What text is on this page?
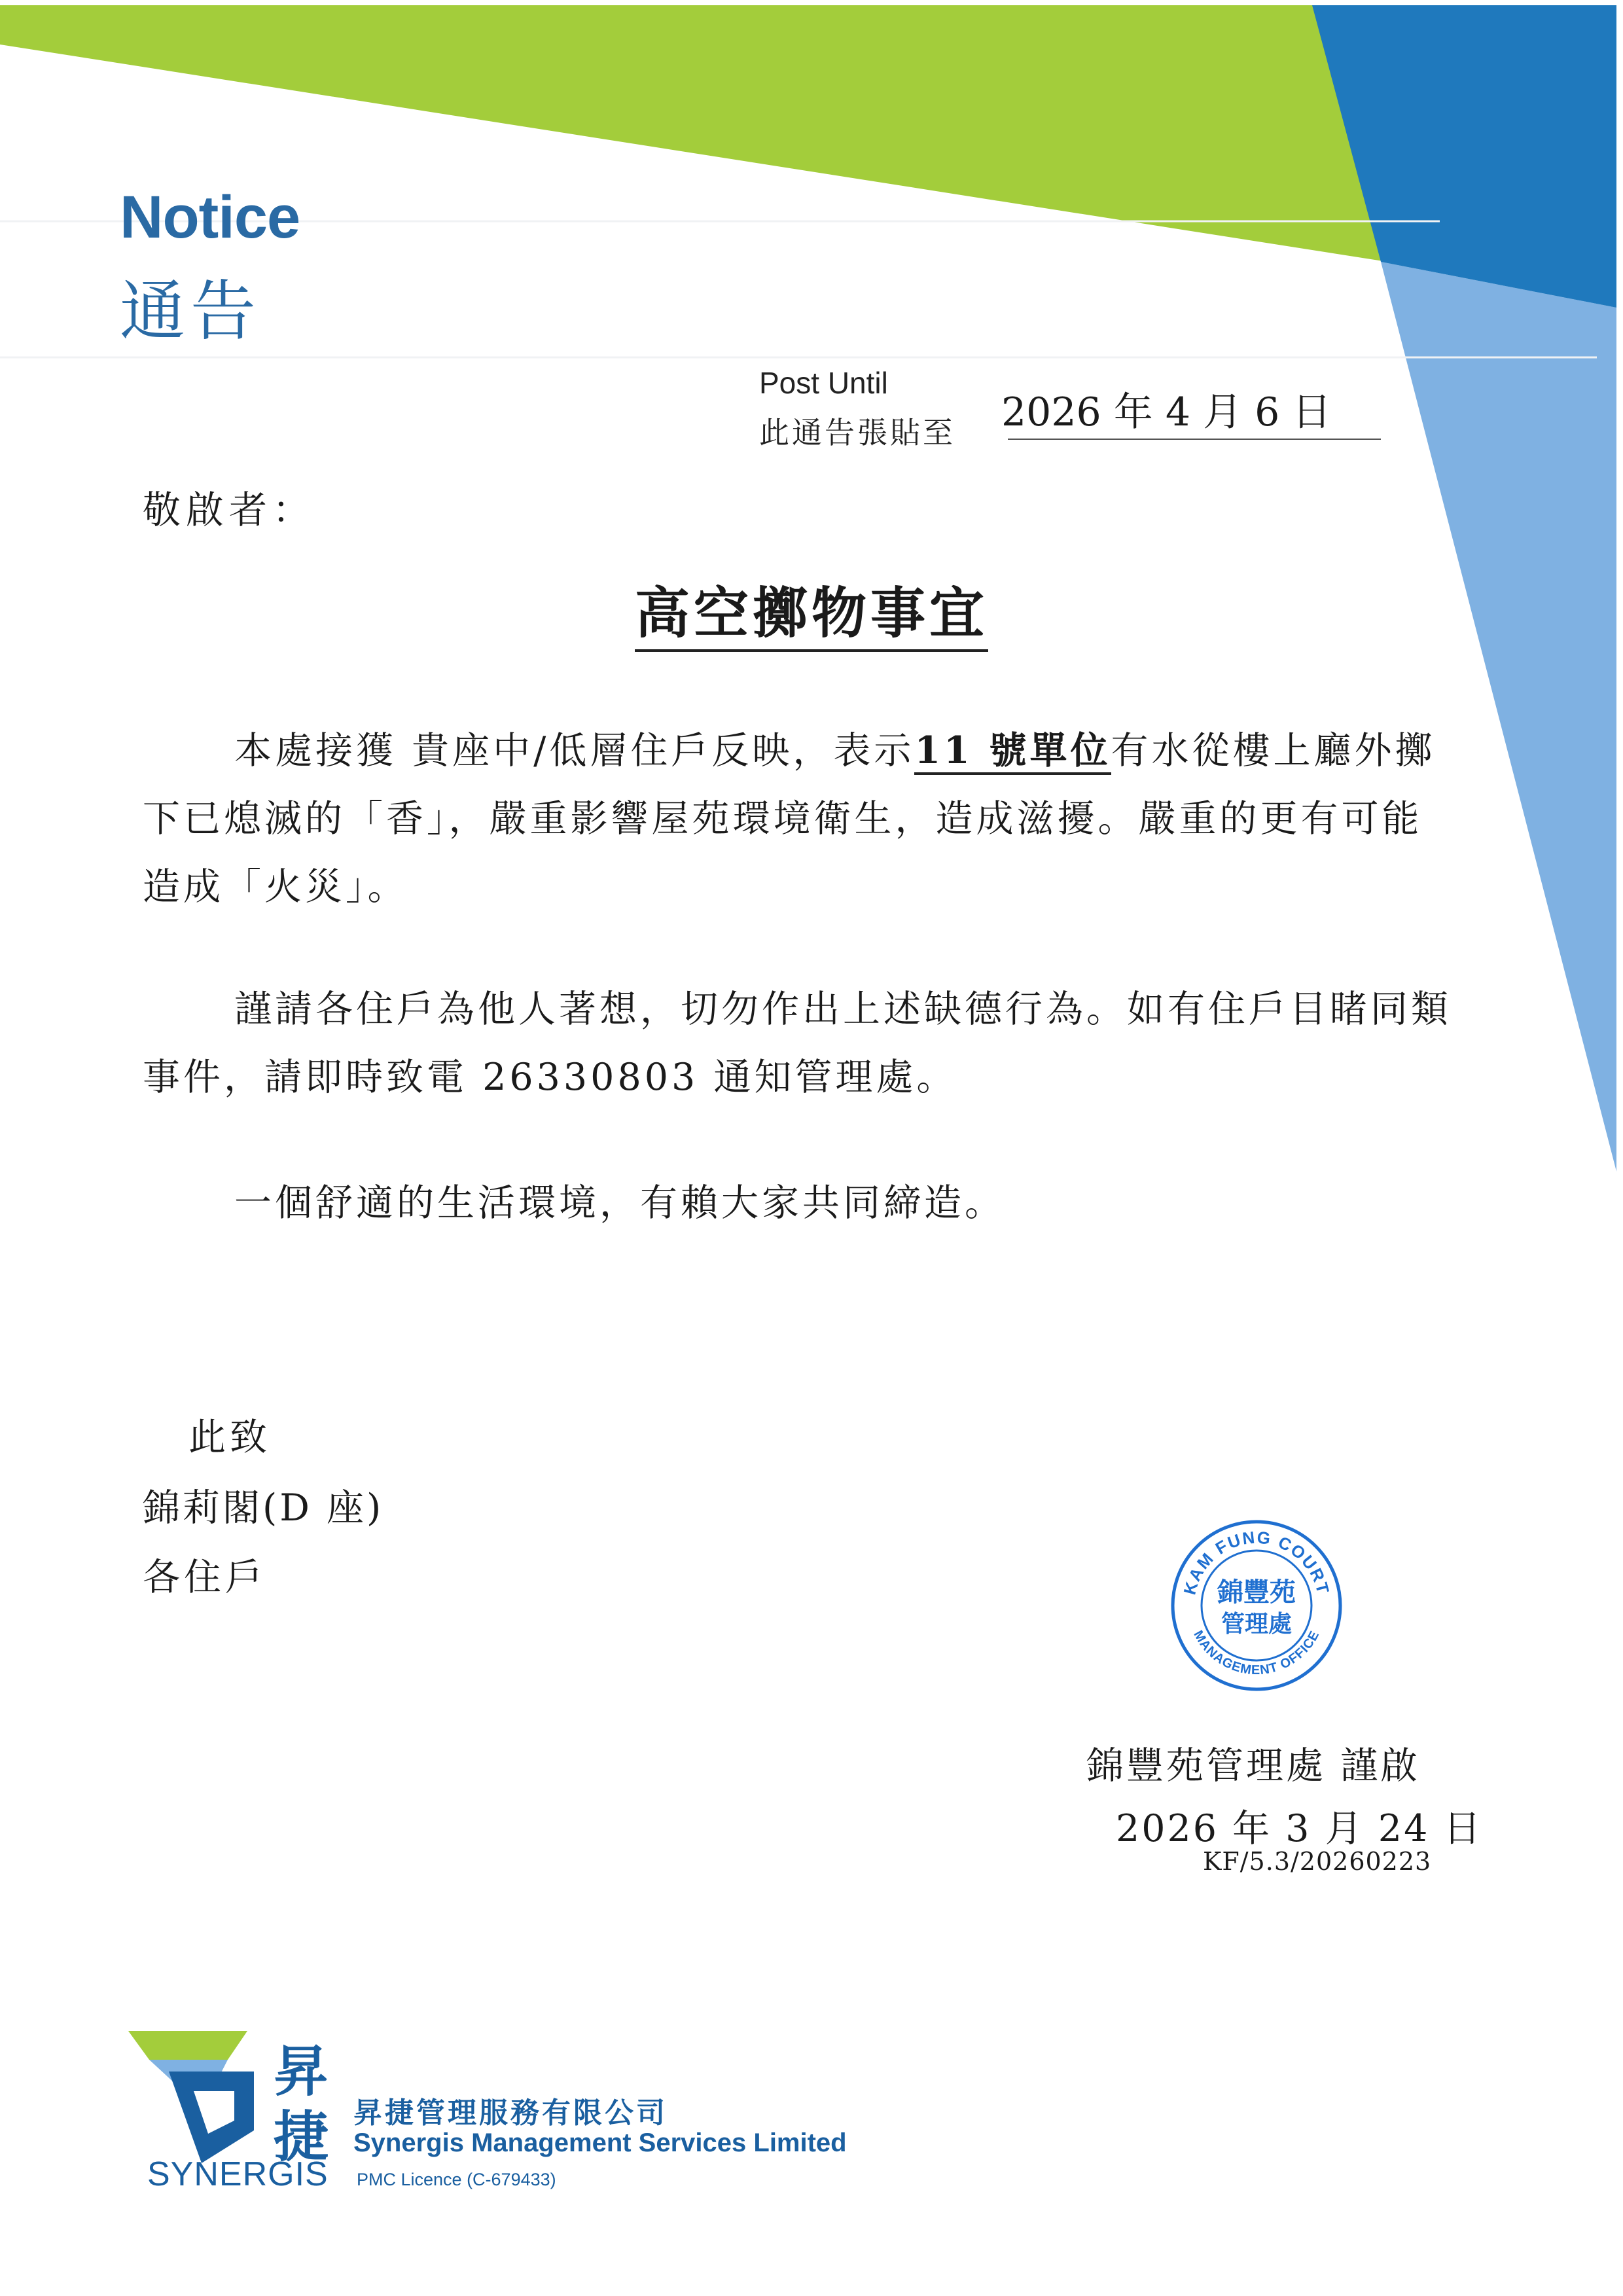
Notice
通告
Post Until
此通告張貼至 2026 年 4 月 6 日
敬啟者：
高空擲物事宜
本處接獲 貴座中/低層住戶反映，表示11 號單位有水從樓上廳外擲下已熄滅的「香」，嚴重影響屋苑環境衛生，造成滋擾。嚴重的更有可能造成「火災」。
謹請各住戶為他人著想，切勿作出上述缺德行為。如有住戶目睹同類事件，請即時致電 26330803 通知管理處。
一個舒適的生活環境，有賴大家共同締造。
此致
錦莉閣(D 座)
各住戶	KAM FUNG COURT
MANAGEMENT OFFICE
錦豐苑
管理處
錦豐苑管理處 謹啟
2026 年 3 月 24 日
KF/5.3/20260223
昇
捷
SYNERGIS
昇捷管理服務有限公司
Synergis Management Services Limited
PMC Licence (C-679433)
